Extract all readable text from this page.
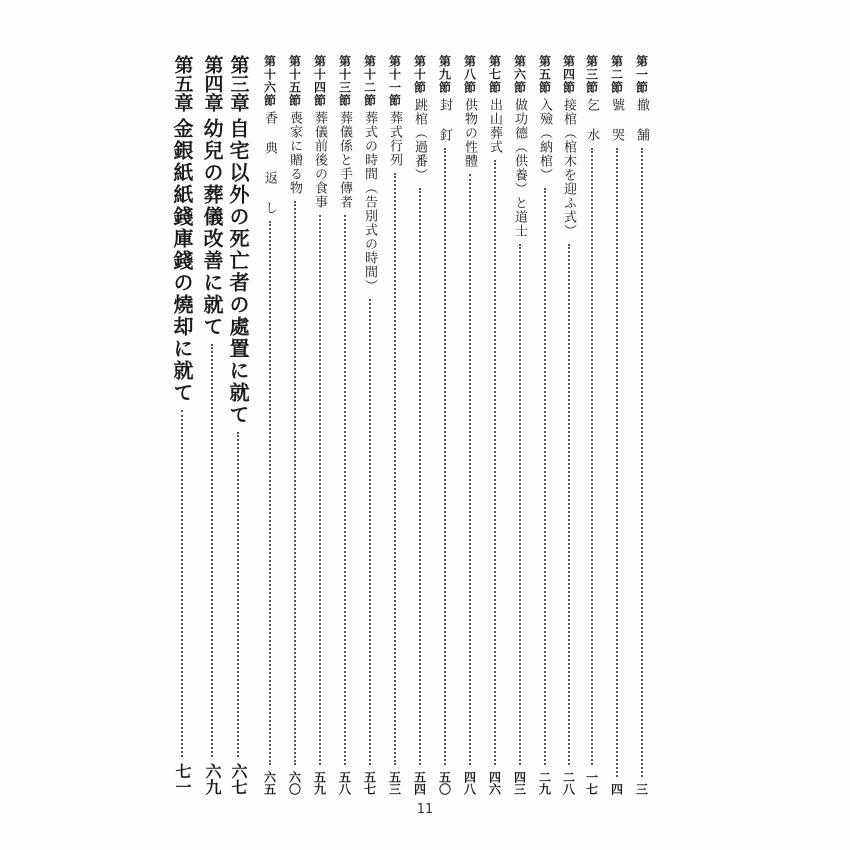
第一節
撤 舗
三
第二節
號 哭
四
第三節
乞 水
一七
第四節
接棺（棺木を迎ふ式）
二八
第五節
入殮（納棺）
二九
第六節
做功德（供養）と道士
四三
第七節
出山葬式
四六
第八節
供物の性體
四八
第九節
封 釘
五〇
第十節
跳棺（過番）
五四
第十一節
葬式行列
五三
第十二節
葬式の時間（告別式の時間）
五七
第十三節
葬儀係と手傳者
五八
第十四節
葬儀前後の食事
五九
第十五節
喪家に贈る物
六〇
第十六節
香 典 返 し
六五
第三章
自宅以外の死亡者の處置に就て
六七
第四章
幼兒の葬儀改善に就て
六九
第五章
金銀紙紙錢庫錢の燒却に就て
七一
11
